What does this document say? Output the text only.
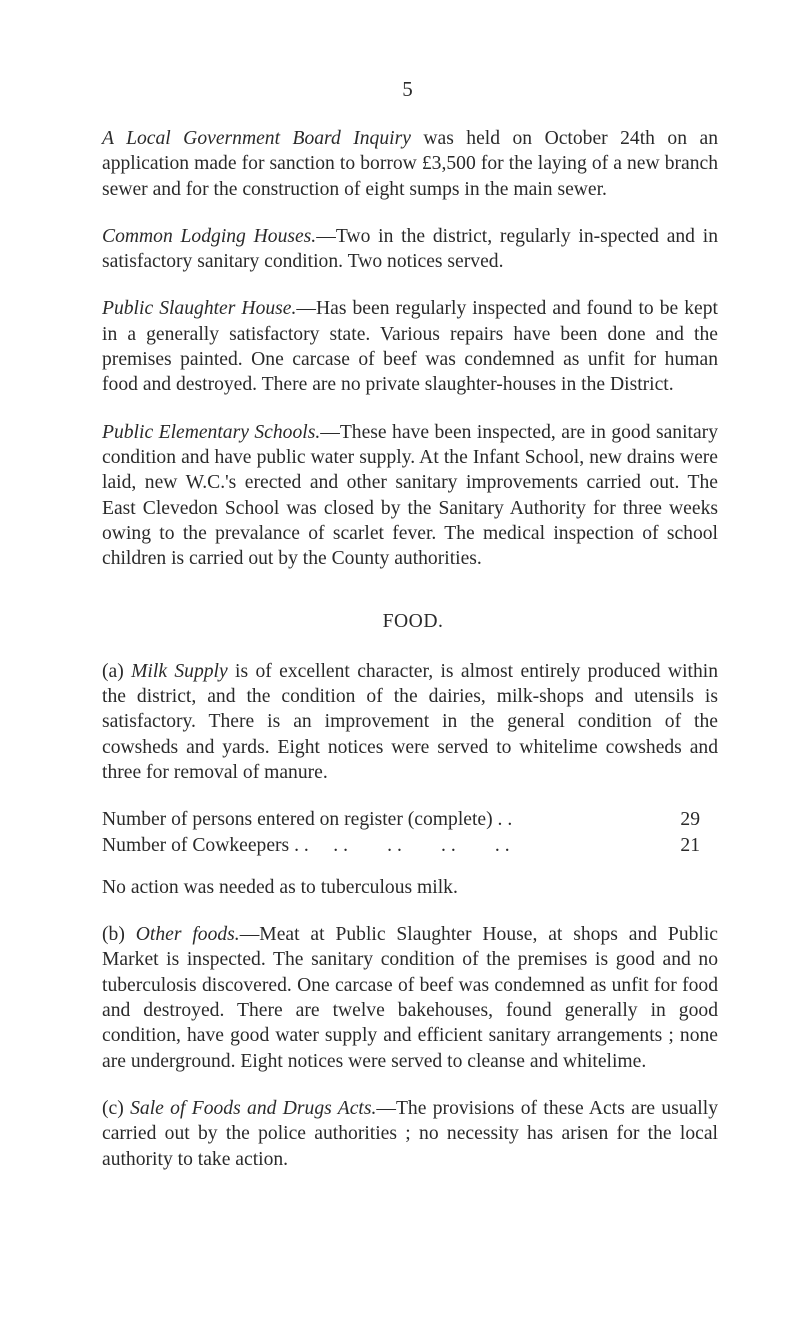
5

A Local Government Board Inquiry was held on October 24th on an application made for sanction to borrow £3,500 for the laying of a new branch sewer and for the construction of eight sumps in the main sewer.

Common Lodging Houses.—Two in the district, regularly in-spected and in satisfactory sanitary condition. Two notices served.

Public Slaughter House.—Has been regularly inspected and found to be kept in a generally satisfactory state. Various repairs have been done and the premises painted. One carcase of beef was condemned as unfit for human food and destroyed. There are no private slaughter-houses in the District.

Public Elementary Schools.—These have been inspected, are in good sanitary condition and have public water supply. At the Infant School, new drains were laid, new W.C.'s erected and other sanitary improvements carried out. The East Clevedon School was closed by the Sanitary Authority for three weeks owing to the prevalance of scarlet fever. The medical inspection of school children is carried out by the County authorities.

FOOD.

(a) Milk Supply is of excellent character, is almost entirely produced within the district, and the condition of the dairies, milk-shops and utensils is satisfactory. There is an improvement in the general condition of the cowsheds and yards. Eight notices were served to whitelime cowsheds and three for removal of manure.

Number of persons entered on register (complete) . .	29
Number of Cowkeepers . .     . .        . .        . .        . .	21

No action was needed as to tuberculous milk.

(b) Other foods.—Meat at Public Slaughter House, at shops and Public Market is inspected. The sanitary condition of the premises is good and no tuberculosis discovered. One carcase of beef was condemned as unfit for food and destroyed. There are twelve bakehouses, found generally in good condition, have good water supply and efficient sanitary arrangements ; none are underground. Eight notices were served to cleanse and whitelime.

(c) Sale of Foods and Drugs Acts.—The provisions of these Acts are usually carried out by the police authorities ; no necessity has arisen for the local authority to take action.
